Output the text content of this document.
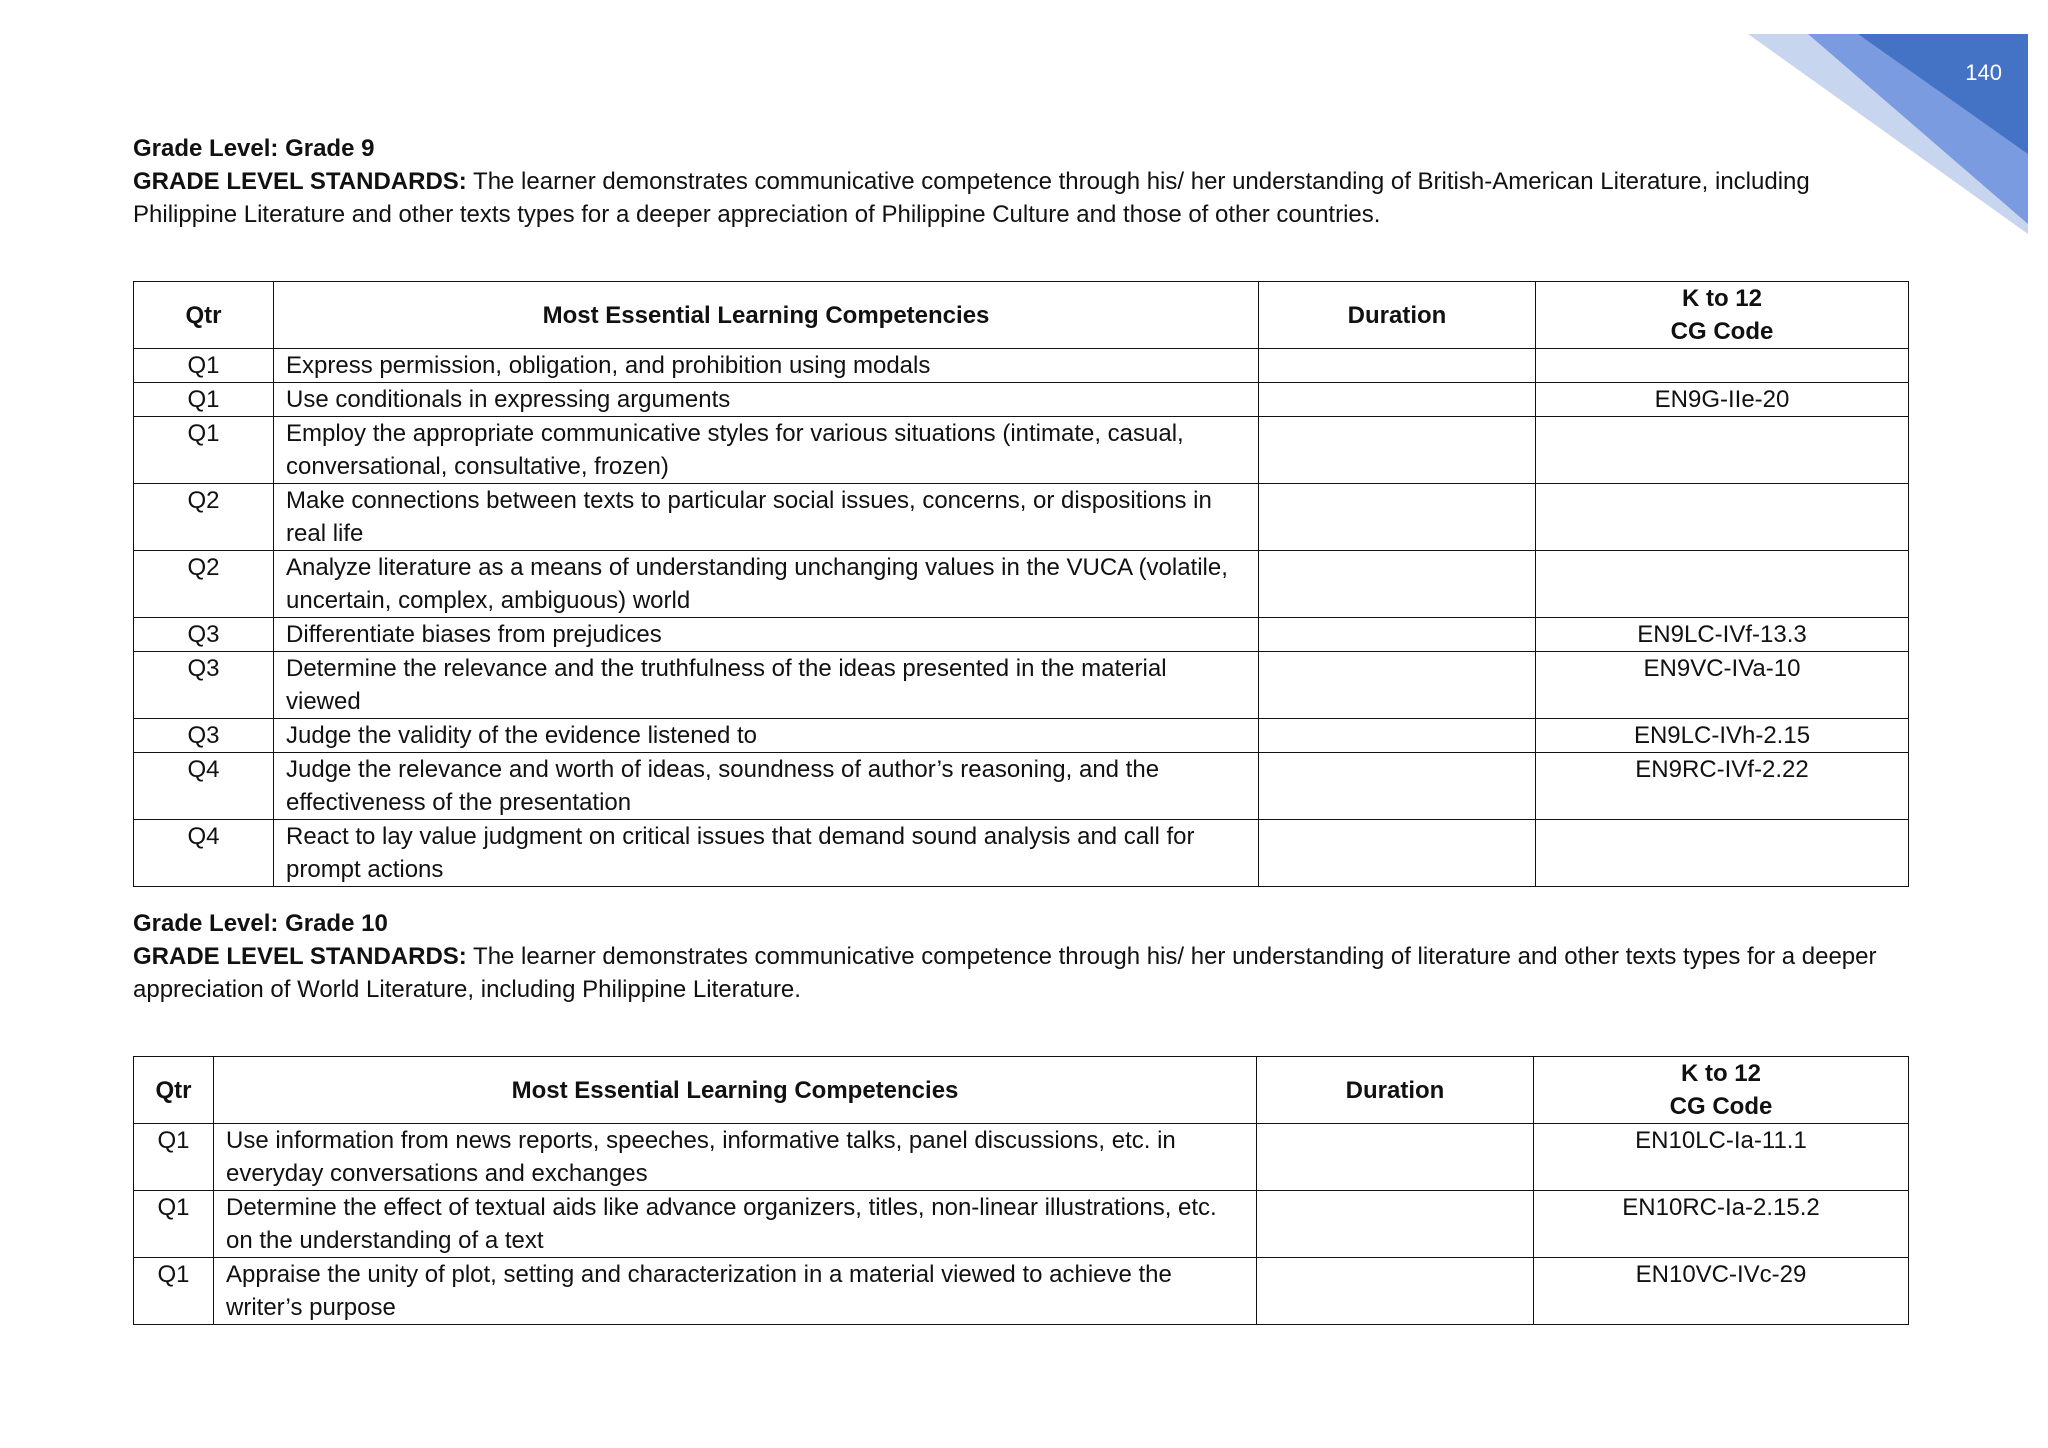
140

Grade Level: Grade 9

GRADE LEVEL STANDARDS: The learner demonstrates communicative competence through his/ her understanding of British-American Literature, including Philippine Literature and other texts types for a deeper appreciation of Philippine Culture and those of other countries.

Qtr	Most Essential Learning Competencies	Duration	K to 12
CG Code
Q1	Express permission, obligation, and prohibition using modals		
Q1	Use conditionals in expressing arguments		EN9G-IIe-20
Q1	Employ the appropriate communicative styles for various situations (intimate, casual, conversational, consultative, frozen)		
Q2	Make connections between texts to particular social issues, concerns, or dispositions in real life		
Q2	Analyze literature as a means of understanding unchanging values in the VUCA (volatile, uncertain, complex, ambiguous) world		
Q3	Differentiate biases from prejudices		EN9LC-IVf-13.3
Q3	Determine the relevance and the truthfulness of the ideas presented in the material viewed		EN9VC-IVa-10
Q3	Judge the validity of the evidence listened to		EN9LC-IVh-2.15
Q4	Judge the relevance and worth of ideas, soundness of author’s reasoning, and the effectiveness of the presentation		EN9RC-IVf-2.22
Q4	React to lay value judgment on critical issues that demand sound analysis and call for prompt actions		

Grade Level: Grade 10

GRADE LEVEL STANDARDS: The learner demonstrates communicative competence through his/ her understanding of literature and other texts types for a deeper appreciation of World Literature, including Philippine Literature.

Qtr	Most Essential Learning Competencies	Duration	K to 12
CG Code
Q1	Use information from news reports, speeches, informative talks, panel discussions, etc. in everyday conversations and exchanges		EN10LC-Ia-11.1
Q1	Determine the effect of textual aids like advance organizers, titles, non-linear illustrations, etc. on the understanding of a text		EN10RC-Ia-2.15.2
Q1	Appraise the unity of plot, setting and characterization in a material viewed to achieve the writer’s purpose		EN10VC-IVc-29
